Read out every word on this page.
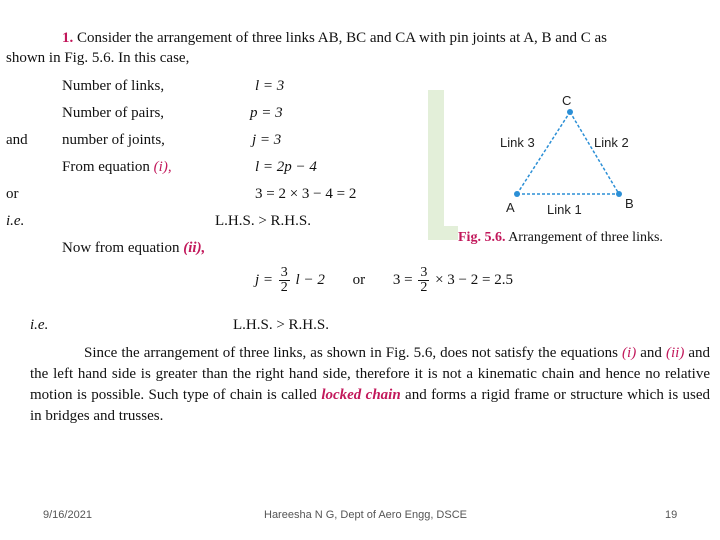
1. Consider the arrangement of three links AB, BC and CA with pin joints at A, B and C as
shown in Fig. 5.6. In this case,
Number of links,	l = 3
Number of pairs,	p = 3
and number of joints,	j = 3
From equation (i),	l = 2p − 4
or	3 = 2 × 3 − 4 = 2
i.e.	L.H.S. > R.H.S.
Now from equation (ii),
$j = \frac{3}{2}$ l − 2 or $3 = \frac{3}{2} \times 3 - 2 = 2.5$
i.e.	L.H.S. > R.H.S.
Since the arrangement of three links, as shown in Fig. 5.6, does not satisfy the equations (i) and (ii) and the left hand side is greater than the right hand side, therefore it is not a kinematic chain and hence no relative motion is possible. Such type of chain is called locked chain and forms a rigid frame or structure which is used in bridges and trusses.
C
A	B
Link 3	Link 2
Link 1
Fig. 5.6. Arrangement of three links.
9/16/2021	Hareesha N G, Dept of Aero Engg, DSCE	19
